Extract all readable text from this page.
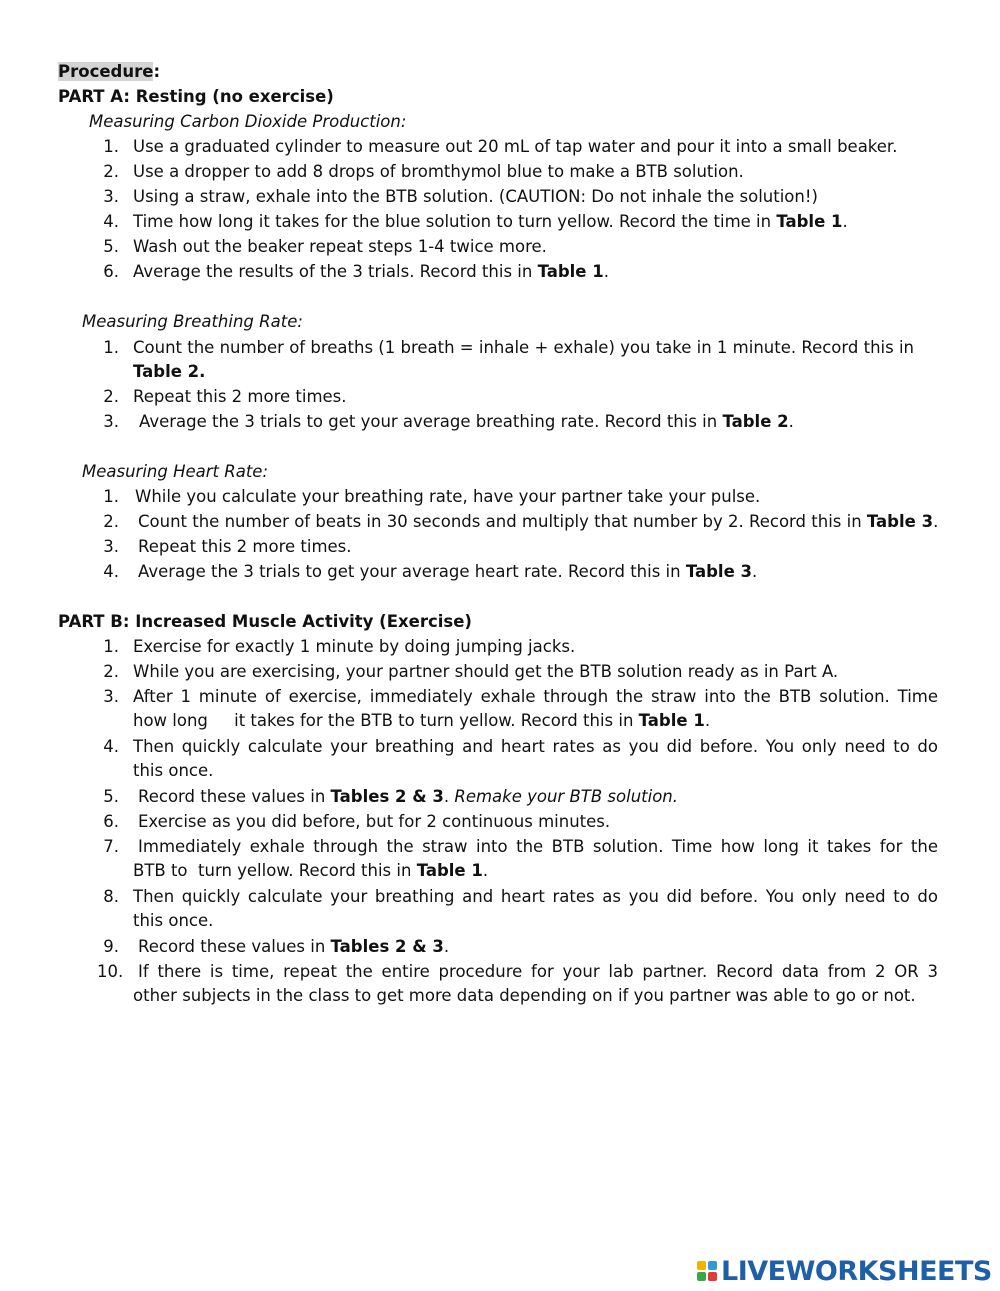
Procedure:
PART A: Resting (no exercise)
Measuring Carbon Dioxide Production:
1. Use a graduated cylinder to measure out 20 mL of tap water and pour it into a small beaker.
2. Use a dropper to add 8 drops of bromthymol blue to make a BTB solution.
3. Using a straw, exhale into the BTB solution. (CAUTION: Do not inhale the solution!)
4. Time how long it takes for the blue solution to turn yellow. Record the time in Table 1.
5. Wash out the beaker repeat steps 1-4 twice more.
6. Average the results of the 3 trials. Record this in Table 1.
Measuring Breathing Rate:
1. Count the number of breaths (1 breath = inhale + exhale) you take in 1 minute. Record this in
Table 2.
2. Repeat this 2 more times.
3. Average the 3 trials to get your average breathing rate. Record this in Table 2.
Measuring Heart Rate:
1. While you calculate your breathing rate, have your partner take your pulse.
2. Count the number of beats in 30 seconds and multiply that number by 2. Record this in Table 3.
3. Repeat this 2 more times.
4. Average the 3 trials to get your average heart rate. Record this in Table 3.
PART B: Increased Muscle Activity (Exercise)
1. Exercise for exactly 1 minute by doing jumping jacks.
2. While you are exercising, your partner should get the BTB solution ready as in Part A.
3. After 1 minute of exercise, immediately exhale through the straw into the BTB solution. Time
how long     it takes for the BTB to turn yellow. Record this in Table 1.
4. Then quickly calculate your breathing and heart rates as you did before. You only need to do
this once.
5. Record these values in Tables 2 & 3. Remake your BTB solution.
6. Exercise as you did before, but for 2 continuous minutes.
7. Immediately exhale through the straw into the BTB solution. Time how long it takes for the
BTB to  turn yellow. Record this in Table 1.
8. Then quickly calculate your breathing and heart rates as you did before. You only need to do
this once.
9. Record these values in Tables 2 & 3.
10. If there is time, repeat the entire procedure for your lab partner. Record data from 2 OR 3
other subjects in the class to get more data depending on if you partner was able to go or not.
LIVEWORKSHEETS
